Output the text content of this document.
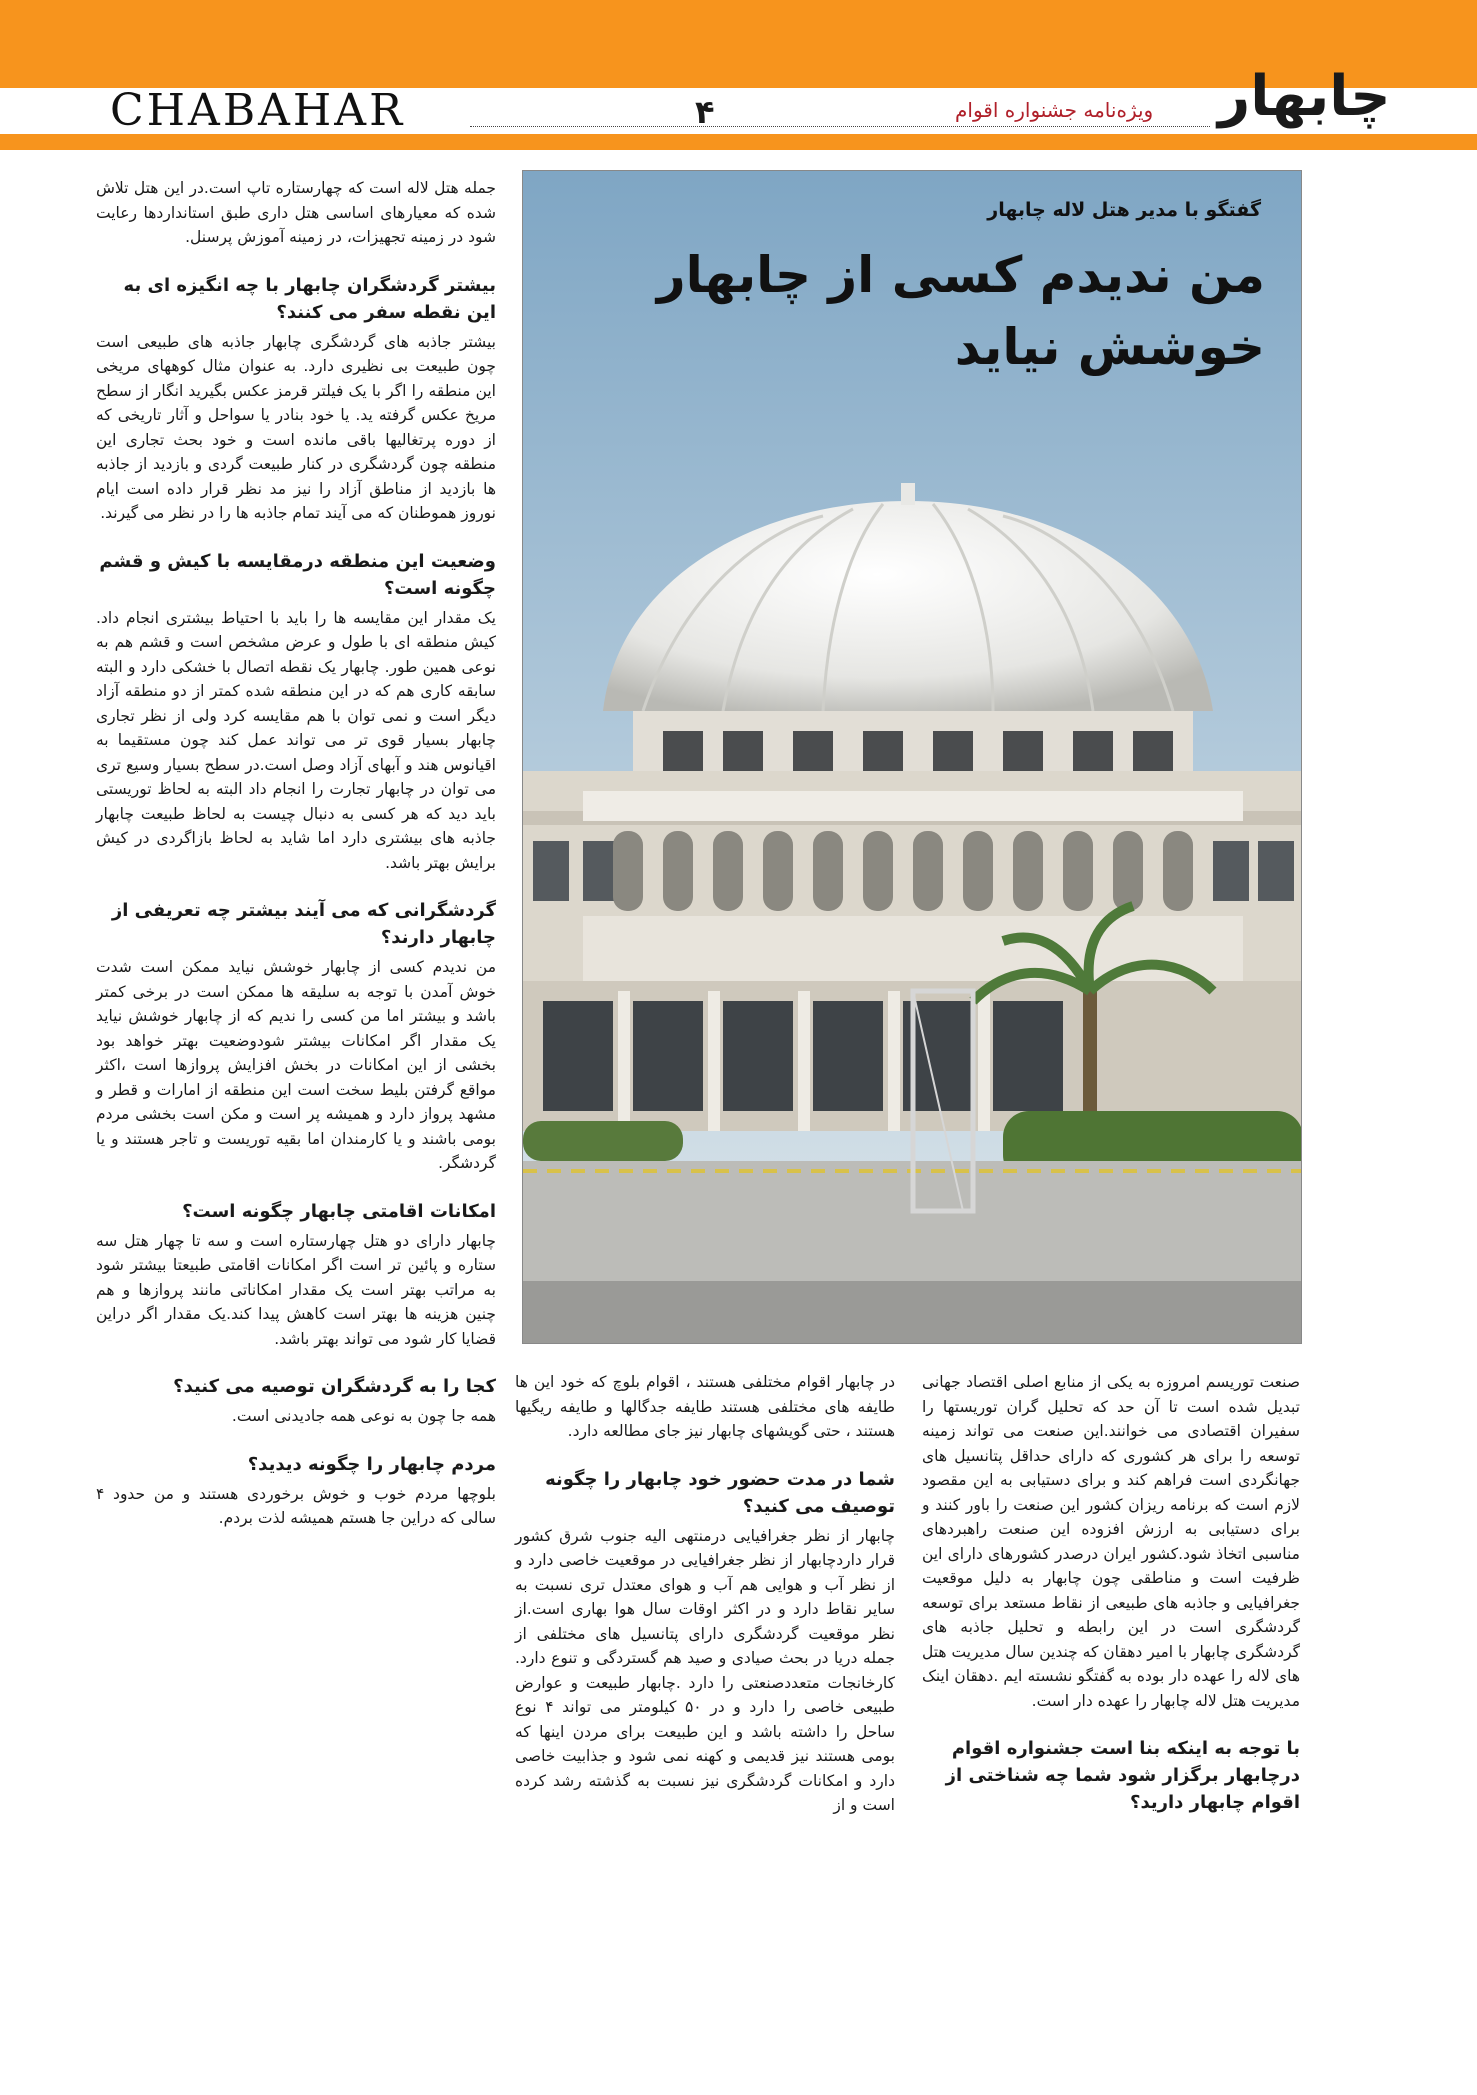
CHABAHAR	۴	ویژه‌نامه جشنواره اقوام چابهار
گفتگو با مدیر هتل لاله چابهار
من ندیدم کسی از چابهار خوشش نیاید

صنعت توریسم امروزه به یکی از منابع اصلی اقتصاد جهانی تبدیل شده است تا آن حد که تحلیل گران توریستها را سفیران اقتصادی می خوانند.این صنعت می تواند زمینه توسعه را برای هر کشوری که دارای حداقل پتانسیل های جهانگردی است فراهم کند و برای دستیابی به این مقصود لازم است که برنامه ریزان کشور این صنعت را باور کنند و برای دستیابی به ارزش افزوده این صنعت راهبردهای مناسبی اتخاذ شود.کشور ایران درصدر کشورهای دارای این ظرفیت است و مناطقی چون چابهار به دلیل موقعیت جغرافیایی و جاذبه های طبیعی از نقاط مستعد برای توسعه گردشگری است در این رابطه و تحلیل جاذبه های گردشگری چابهار با امیر دهقان که چندین سال مدیریت هتل های لاله را عهده دار بوده به گفتگو نشسته ایم .دهقان اینک مدیریت هتل لاله چابهار را عهده دار است.

با توجه به اینکه بنا است جشنواره اقوام درچابهار برگزار شود شما چه شناختی از اقوام چابهار دارید؟

در چابهار اقوام مختلفی هستند ، اقوام بلوچ که خود این ها طایفه های مختلفی هستند طایفه جدگالها و طایفه ریگیها هستند ، حتی گویشهای چابهار نیز جای مطالعه دارد.

شما در مدت حضور خود چابهار را چگونه توصیف می کنید؟

چابهار از نظر جغرافیایی درمنتهی الیه جنوب شرق کشور قرار داردچابهار از نظر جغرافیایی در موقعیت خاصی دارد و از نظر آب و هوایی هم آب و هوای معتدل تری نسبت به سایر نقاط دارد و در اکثر اوقات سال هوا بهاری است.از نظر موقعیت گردشگری دارای پتانسیل های مختلفی از جمله دریا در بحث صیادی و صید هم گستردگی و تنوع دارد. کارخانجات متعددصنعتی را دارد .چابهار طبیعت و عوارض طبیعی خاصی را دارد و در ۵۰ کیلومتر می تواند ۴ نوع ساحل را داشته باشد و این طبیعت برای مردن اینها که بومی هستند نیز قدیمی و کهنه نمی شود و جذابیت خاصی دارد و امکانات گردشگری نیز نسبت به گذشته رشد کرده است و از

جمله هتل لاله است که چهارستاره تاپ است.در این هتل تلاش شده که معیارهای اساسی هتل داری طبق استانداردها رعایت شود در زمینه تجهیزات، در زمینه آموزش پرسنل.

بیشتر گردشگران چابهار با چه انگیزه ای به این نقطه سفر می کنند؟

بیشتر جاذبه های گردشگری چابهار جاذبه های طبیعی است چون طبیعت بی نظیری دارد. به عنوان مثال کوههای مریخی این منطقه را اگر با یک فیلتر قرمز عکس بگیرید انگار از سطح مریخ عکس گرفته ید. یا خود بنادر یا سواحل و آثار تاریخی که از دوره پرتغالیها باقی مانده است و خود بحث تجاری این منطقه چون گردشگری در کنار طبیعت گردی و بازدید از جاذبه ها بازدید از مناطق آزاد را نیز مد نظر قرار داده است ایام نوروز هموطنان که می آیند تمام جاذبه ها را در نظر می گیرند.

وضعیت این منطقه درمقایسه با کیش و قشم چگونه است؟

یک مقدار این مقایسه ها را باید با احتیاط بیشتری انجام داد. کیش منطقه ای با طول و عرض مشخص است و قشم هم به نوعی همین طور. چابهار یک نقطه اتصال با خشکی دارد و البته سابقه کاری هم که در این منطقه شده کمتر از دو منطقه آزاد دیگر است و نمی توان با هم مقایسه کرد ولی از نظر تجاری چابهار بسیار قوی تر می تواند عمل کند چون مستقیما به اقیانوس هند و آبهای آزاد وصل است.در سطح بسیار وسیع تری می توان در چابهار تجارت را انجام داد البته به لحاظ توریستی باید دید که هر کسی به دنبال چیست به لحاظ طبیعت چابهار جاذبه های بیشتری دارد اما شاید به لحاظ بازاگردی در کیش برایش بهتر باشد.

گردشگرانی که می آیند بیشتر چه تعریفی از چابهار دارند؟

من ندیدم کسی از چابهار خوشش نیاید ممکن است شدت خوش آمدن با توجه به سلیقه ها ممکن است در برخی کمتر باشد و بیشتر اما من کسی را ندیم که از چابهار خوشش نیاید یک مقدار اگر امکانات بیشتر شودوضعیت بهتر خواهد بود بخشی از این امکانات در بخش افزایش پروازها است ،اکثر مواقع گرفتن بلیط سخت است این منطقه از امارات و قطر و مشهد پرواز دارد و همیشه پر است و مکن است بخشی مردم بومی باشند و یا کارمندان اما بقیه توریست و تاجر هستند و یا گردشگر.

امکانات اقامتی چابهار چگونه است؟

چابهار دارای دو هتل چهارستاره است و سه تا چهار هتل سه ستاره و پائین تر است اگر امکانات اقامتی طبیعتا بیشتر شود به مراتب بهتر است یک مقدار امکاناتی مانند پروازها و هم چنین هزینه ها بهتر است کاهش پیدا کند.یک مقدار اگر دراین قضایا کار شود می تواند بهتر باشد.

کجا را به گردشگران توصیه می کنید؟

همه جا چون به نوعی همه جادیدنی است.

مردم چابهار را چگونه دیدید؟

بلوچها مردم خوب و خوش برخوردی هستند و من حدود ۴ سالی که دراین جا هستم همیشه لذت بردم.
